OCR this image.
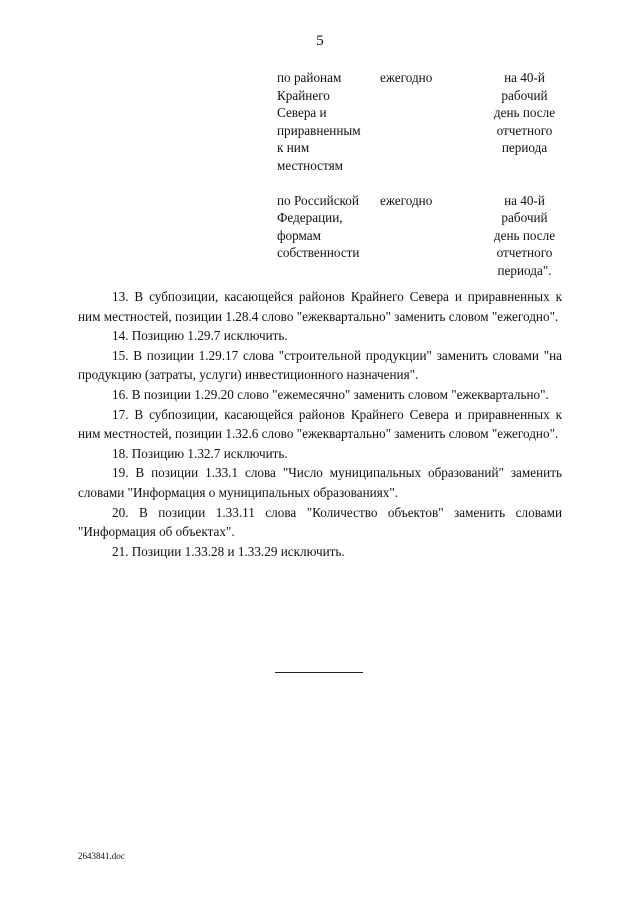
5
по районам
Крайнего
Севера и
приравненным
к ним
местностям
ежегодно	на 40-й
рабочий
день после
отчетного
периода
по Российской
Федерации,
формам
собственности
ежегодно	на 40-й
рабочий
день после
отчетного
периода".

13. В субпозиции, касающейся районов Крайнего Севера и приравненных к ним местностей, позиции 1.28.4 слово "ежеквартально" заменить словом "ежегодно".

14. Позицию 1.29.7 исключить.

15. В позиции 1.29.17 слова "строительной продукции" заменить словами "на продукцию (затраты, услуги) инвестиционного назначения".

16. В позиции 1.29.20 слово "ежемесячно" заменить словом "ежеквартально".

17. В субпозиции, касающейся районов Крайнего Севера и приравненных к ним местностей, позиции 1.32.6 слово "ежеквартально" заменить словом "ежегодно".

18. Позицию 1.32.7 исключить.

19. В позиции 1.33.1 слова "Число муниципальных образований" заменить словами "Информация о муниципальных образованиях".

20. В позиции 1.33.11 слова "Количество объектов" заменить словами "Информация об объектах".

21. Позиции 1.33.28 и 1.33.29 исключить.

2643841.doc
